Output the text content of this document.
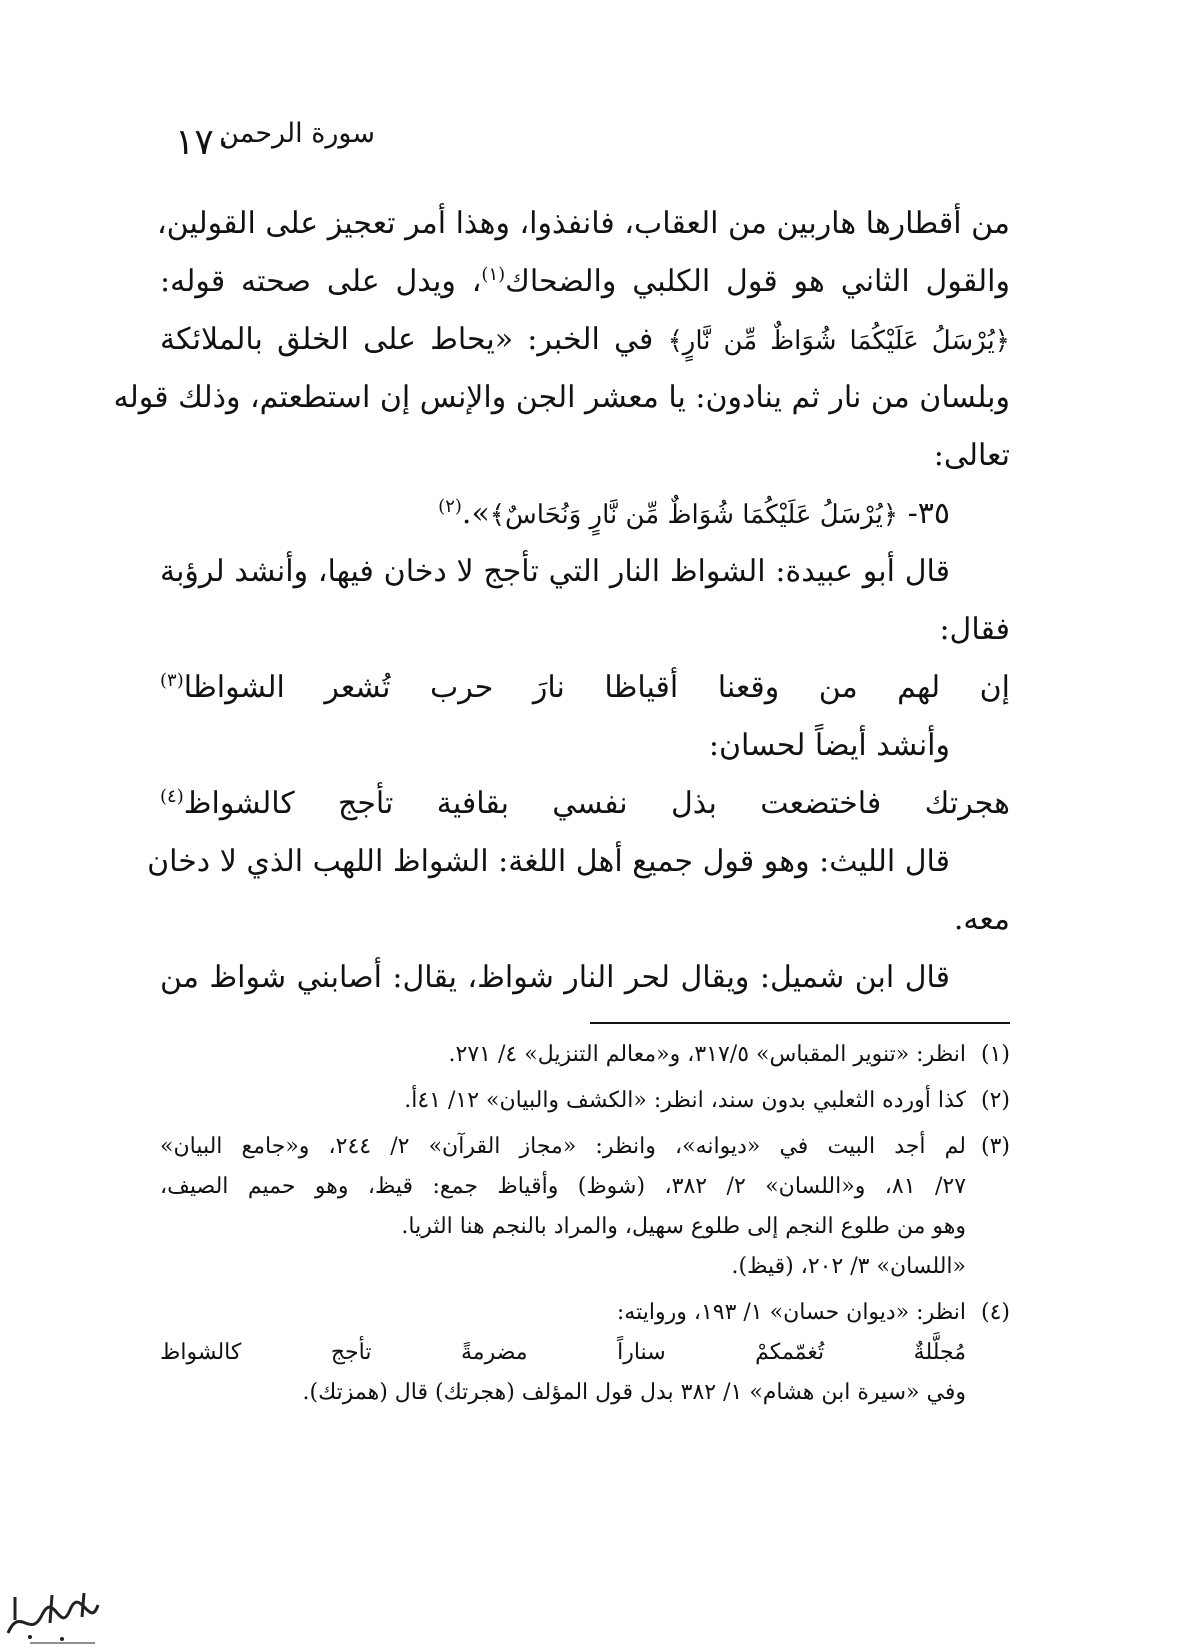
١٧٠
سورة الرحمن
من أقطارها هاربين من العقاب، فانفذوا، وهذا أمر تعجيز على القولين،
والقول الثاني هو قول الكلبي والضحاك$^{(١)}$، ويدل على صحته قوله:
﴿يُرْسَلُ عَلَيْكُمَا شُوَاظٌ مِّن نَّارٍ﴾ في الخبر: «يحاط على الخلق بالملائكة
وبلسان من نار ثم ينادون: يا معشر الجن والإنس إن استطعتم، وذلك قوله
تعالى:
٣٥- ﴿يُرْسَلُ عَلَيْكُمَا شُوَاظٌ مِّن نَّارٍ وَنُحَاسٌ﴾».$^{(٢)}$
قال أبو عبيدة: الشواظ النار التي تأجج لا دخان فيها، وأنشد لرؤبة
فقال:
إن لهم من وقعنا أقياظا نارَ حرب تُشعر الشواظا$^{(٣)}$
وأنشد أيضاً لحسان:
هجرتك فاختضعت بذل نفسي بقافية تأجج كالشواظ$^{(٤)}$
قال الليث: وهو قول جميع أهل اللغة: الشواظ اللهب الذي لا دخان
معه.
قال ابن شميل: ويقال لحر النار شواظ، يقال: أصابني شواظ من
(١)
انظر: «تنوير المقباس» ٣١٧/٥، و«معالم التنزيل» ٤/ ٢٧١.
(٢)
كذا أورده الثعلبي بدون سند، انظر: «الكشف والبيان» ١٢/ ٤١أ.
(٣)
لم أجد البيت في «ديوانه»، وانظر: «مجاز القرآن» ٢/ ٢٤٤، و«جامع البيان»
٢٧/ ٨١، و«اللسان» ٢/ ٣٨٢، (شوظ) وأقياظ جمع: قيظ، وهو حميم الصيف،
وهو من طلوع النجم إلى طلوع سهيل، والمراد بالنجم هنا الثريا.
«اللسان» ٣/ ٢٠٢، (قيظ).
(٤)
انظر: «ديوان حسان» ١/ ١٩٣، وروايته:
مُجلَّلةٌ تُغمّمكمْ سناراً مضرمةً تأجج كالشواظ
وفي «سيرة ابن هشام» ١/ ٣٨٢ بدل قول المؤلف (هجرتك) قال (همزتك).
